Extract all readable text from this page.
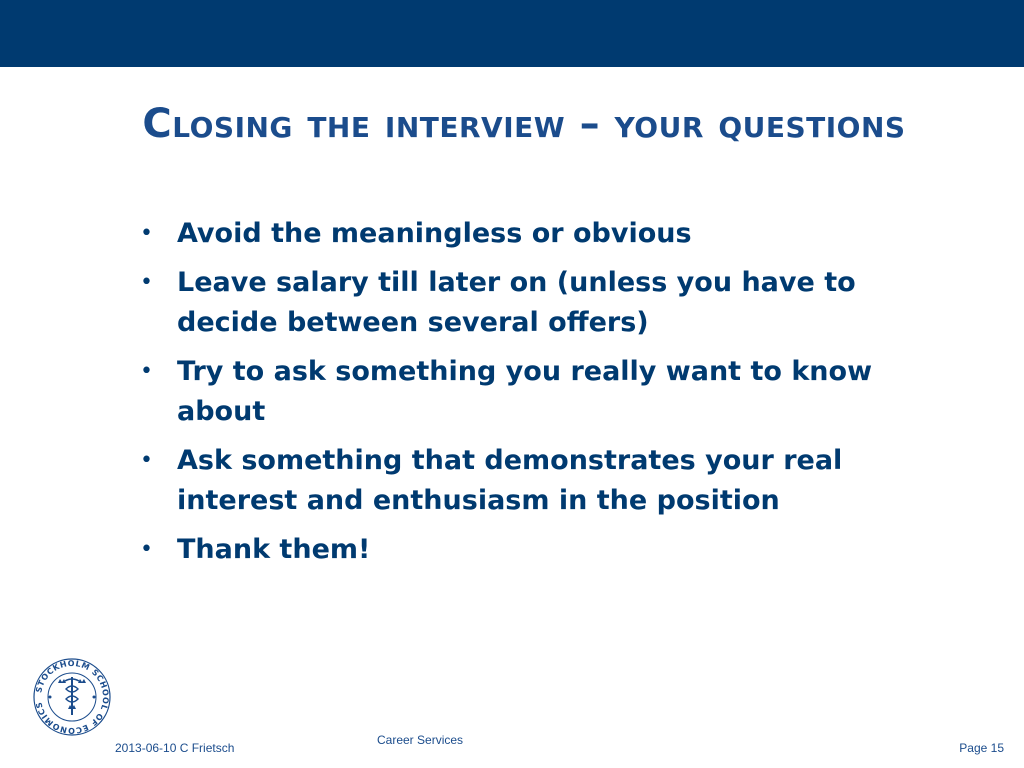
Closing the interview – your questions
• Avoid the meaningless or obvious
• Leave salary till later on (unless you have to decide between several offers)
• Try to ask something you really want to know about
• Ask something that demonstrates your real interest and enthusiasm in the position
• Thank them!
STOCKHOLM SCHOOL OF ECONOMICS
Career Services
2013-06-10 C Frietsch	Page 15
